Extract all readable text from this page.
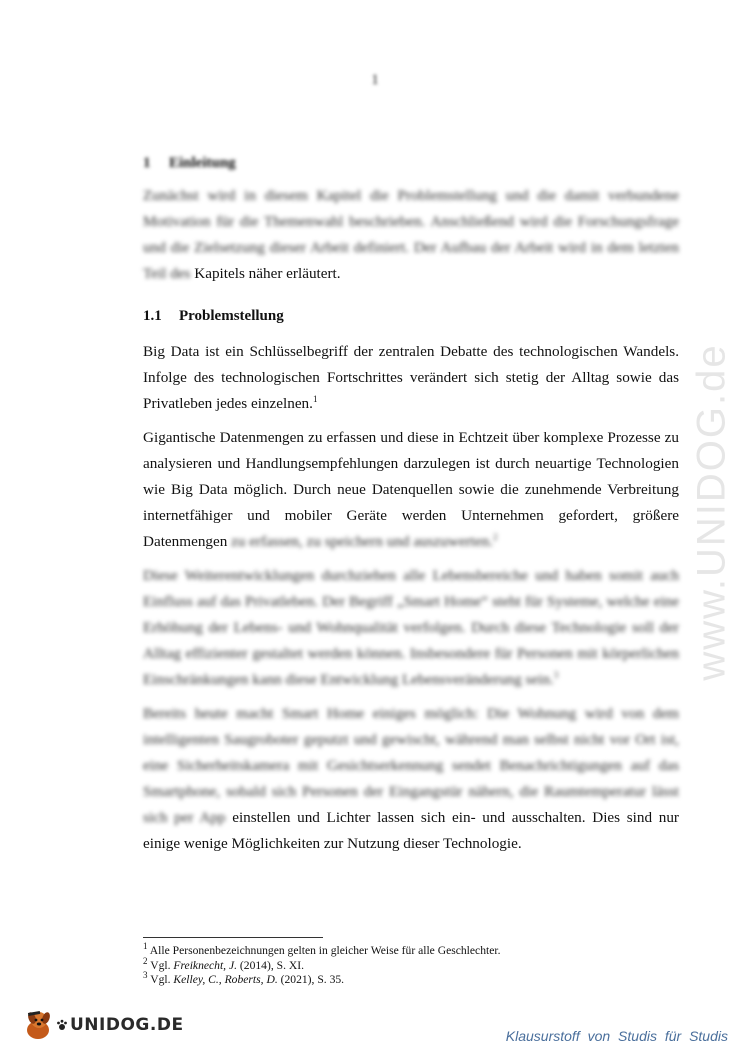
1
1 Einleitung

Zunächst wird in diesem Kapitel die Problemstellung und die damit verbundene Motivation für die Themenwahl beschrieben. Anschließend wird die Forschungsfrage und die Zielsetzung dieser Arbeit definiert. Der Aufbau der Arbeit wird in dem letzten Teil des Kapitels näher erläutert.

1.1 Problemstellung

Big Data ist ein Schlüsselbegriff der zentralen Debatte des technologischen Wandels. Infolge des technologischen Fortschrittes verändert sich stetig der Alltag sowie das Privatleben jedes einzelnen.$^1$

Gigantische Datenmengen zu erfassen und diese in Echtzeit über komplexe Prozesse zu analysieren und Handlungsempfehlungen darzulegen ist durch neuartige Technologien wie Big Data möglich. Durch neue Datenquellen sowie die zunehmende Verbreitung internetfähiger und mobiler Geräte werden Unternehmen gefordert, größere Datenmengen zu erfassen, zu speichern und auszuwerten.$^2$

Diese Weiterentwicklungen durchziehen alle Lebensbereiche und haben somit auch Einfluss auf das Privatleben. Der Begriff „Smart Home“ steht für Systeme, welche eine Erhöhung der Lebens- und Wohnqualität verfolgen. Durch diese Technologie soll der Alltag effizienter gestaltet werden können. Insbesondere für Personen mit körperlichen Einschränkungen kann diese Entwicklung Lebensveränderung sein.$^3$

Bereits heute macht Smart Home einiges möglich: Die Wohnung wird von dem intelligenten Saugroboter geputzt und gewischt, während man selbst nicht vor Ort ist, eine Sicherheitskamera mit Gesichtserkennung sendet Benachrichtigungen auf das Smartphone, sobald sich Personen der Eingangstür nähern, die Raumtemperatur lässt sich per App einstellen und Lichter lassen sich ein- und ausschalten. Dies sind nur einige wenige Möglichkeiten zur Nutzung dieser Technologie.

$^1$ Alle Personenbezeichnungen gelten in gleicher Weise für alle Geschlechter.

$^2$ Vgl. Freiknecht, J. (2014), S. XI.

$^3$ Vgl. Kelley, C., Roberts, D. (2021), S. 35.

www.UNIDOG.de
UNIDOG.DE
Klausurstoff von Studis für Studis
